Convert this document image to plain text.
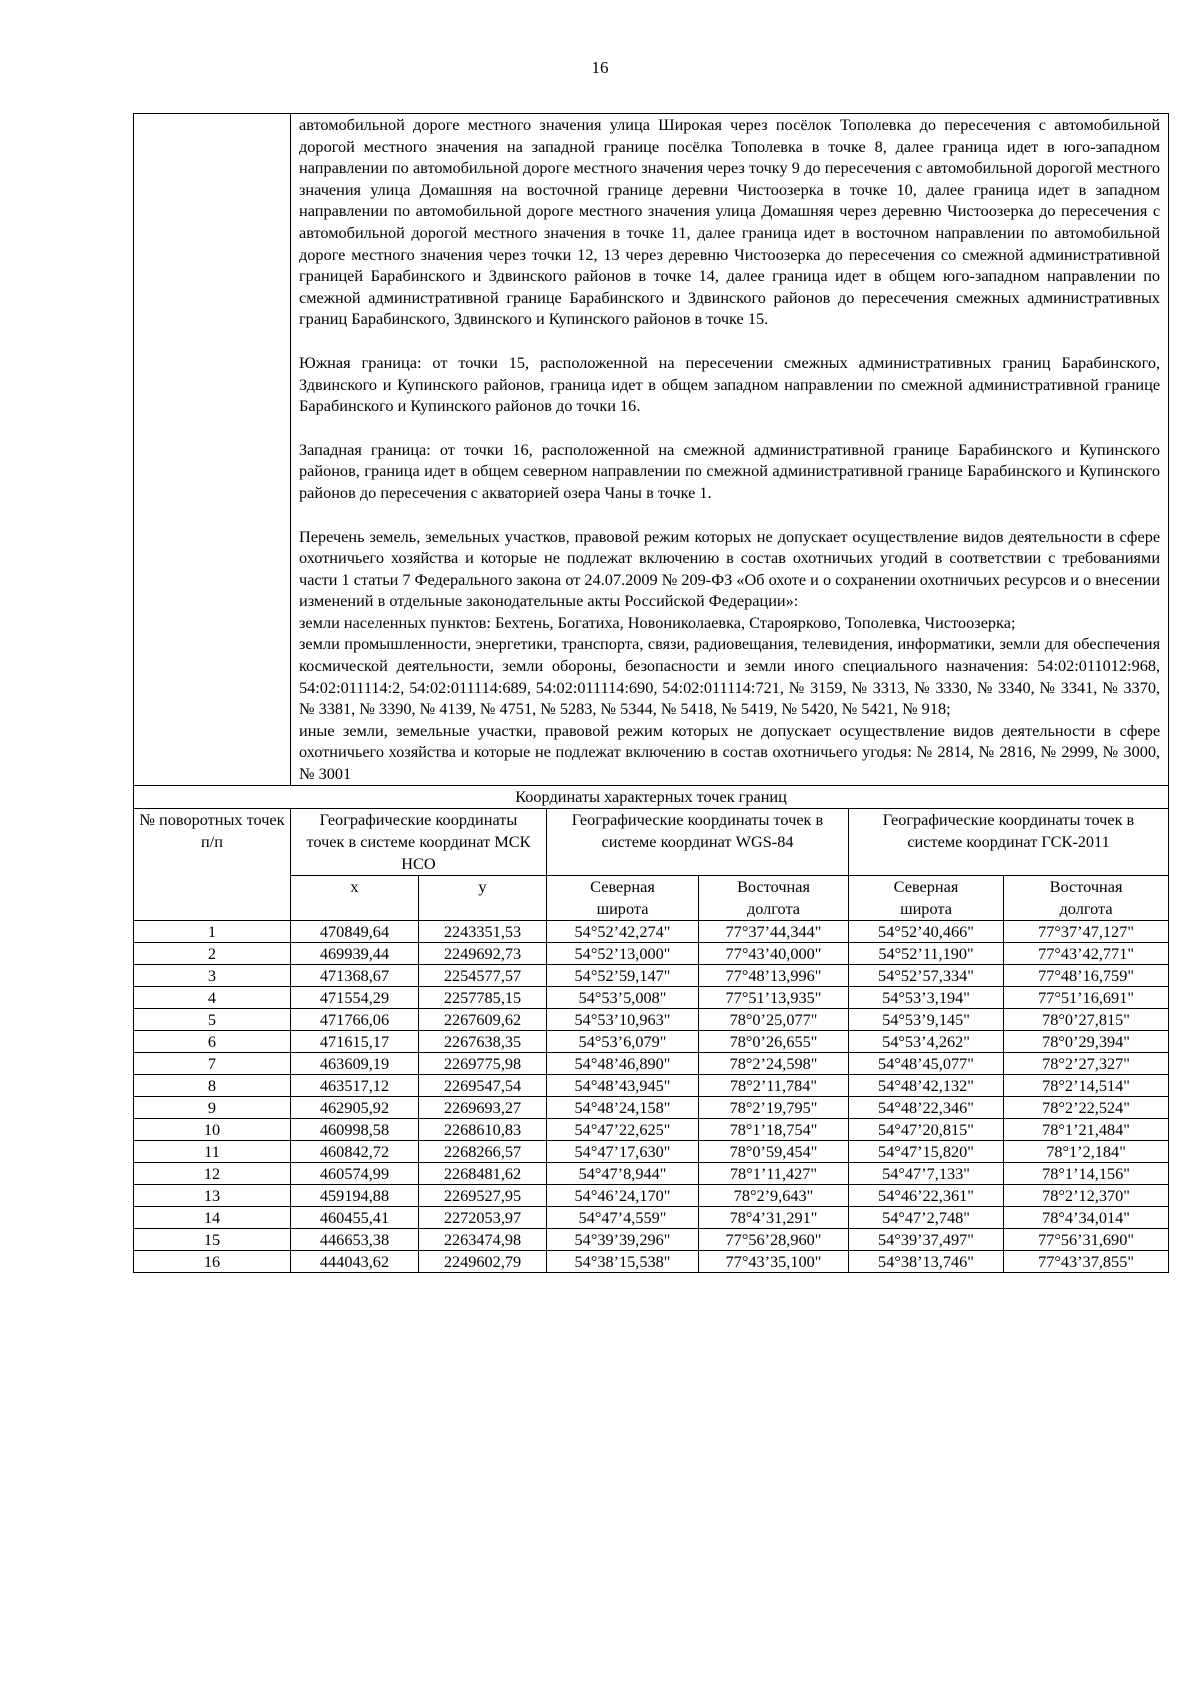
16

автомобильной дороге местного значения улица Широкая через посёлок Тополевка до пересечения с автомобильной дорогой местного значения на западной границе посёлка Тополевка в точке 8, далее граница идет в юго-западном направлении по автомобильной дороге местного значения через точку 9 до пересечения с автомобильной дорогой местного значения улица Домашняя на восточной границе деревни Чистоозерка в точке 10, далее граница идет в западном направлении по автомобильной дороге местного значения улица Домашняя через деревню Чистоозерка до пересечения с автомобильной дорогой местного значения в точке 11, далее граница идет в восточном направлении по автомобильной дороге местного значения через точки 12, 13 через деревню Чистоозерка до пересечения со смежной административной границей Барабинского и Здвинского районов в точке 14, далее граница идет в общем юго-западном направлении по смежной административной границе Барабинского и Здвинского районов до пересечения смежных административных границ Барабинского, Здвинского и Купинского районов в точке 15.

Южная граница: от точки 15, расположенной на пересечении смежных административных границ Барабинского, Здвинского и Купинского районов, граница идет в общем западном направлении по смежной административной границе Барабинского и Купинского районов до точки 16.

Западная граница: от точки 16, расположенной на смежной административной границе Барабинского и Купинского районов, граница идет в общем северном направлении по смежной административной границе Барабинского и Купинского районов до пересечения с акваторией озера Чаны в точке 1.

Перечень земель, земельных участков, правовой режим которых не допускает осуществление видов деятельности в сфере охотничьего хозяйства и которые не подлежат включению в состав охотничьих угодий в соответствии с требованиями части 1 статьи 7 Федерального закона от 24.07.2009 № 209-ФЗ «Об охоте и о сохранении охотничьих ресурсов и о внесении изменений в отдельные законодательные акты Российской Федерации»:

земли населенных пунктов: Бехтень, Богатиха, Новониколаевка, Стар​оярково, Тополевка, Чистоозерка;

земли промышленности, энергетики, транспорта, связи, радиовещания, телевидения, информатики, земли для обеспечения космической деятельности, земли обороны, безопасности и земли иного специального назначения: 54:02:011012:968, 54:02:011114:2, 54:02:011114:689, 54:02:011114:690, 54:02:011114:721, № 3159, № 3313, № 3330, № 3340, № 3341, № 3370, № 3381, № 3390, № 4139, № 4751, № 5283, № 5344, № 5418, № 5419, № 5420, № 5421, № 918;

иные земли, земельные участки, правовой режим которых не допускает осуществление видов деятельности в сфере охотничьего хозяйства и которые не подлежат включению в состав охотничьего угодья: № 2814, № 2816, № 2999, № 3000, № 3001

Координаты характерных точек границ						
№ поворотных точек п/п	Географические координаты точек в системе координат МСК НСО		Географические координаты точек в системе координат WGS-84		Географические координаты точек в системе координат ГСК-2011	
	x	y	Северная широта	Восточная долгота	Северная широта	Восточная долгота
1	470849,64	2243351,53	54°52’42,274"	77°37’44,344"	54°52’40,466"	77°37’47,127"
2	469939,44	2249692,73	54°52’13,000"	77°43’40,000"	54°52’11,190"	77°43’42,771"
3	471368,67	2254577,57	54°52’59,147"	77°48’13,996"	54°52’57,334"	77°48’16,759"
4	471554,29	2257785,15	54°53’5,008"	77°51’13,935"	54°53’3,194"	77°51’16,691"
5	471766,06	2267609,62	54°53’10,963"	78°0’25,077"	54°53’9,145"	78°0’27,815"
6	471615,17	2267638,35	54°53’6,079"	78°0’26,655"	54°53’4,262"	78°0’29,394"
7	463609,19	2269775,98	54°48’46,890"	78°2’24,598"	54°48’45,077"	78°2’27,327"
8	463517,12	2269547,54	54°48’43,945"	78°2’11,784"	54°48’42,132"	78°2’14,514"
9	462905,92	2269693,27	54°48’24,158"	78°2’19,795"	54°48’22,346"	78°2’22,524"
10	460998,58	2268610,83	54°47’22,625"	78°1’18,754"	54°47’20,815"	78°1’21,484"
11	460842,72	2268266,57	54°47’17,630"	78°0’59,454"	54°47’15,820"	78°1’2,184"
12	460574,99	2268481,62	54°47’8,944"	78°1’11,427"	54°47’7,133"	78°1’14,156"
13	459194,88	2269527,95	54°46’24,170"	78°2’9,643"	54°46’22,361"	78°2’12,370"
14	460455,41	2272053,97	54°47’4,559"	78°4’31,291"	54°47’2,748"	78°4’34,014"
15	446653,38	2263474,98	54°39’39,296"	77°56’28,960"	54°39’37,497"	77°56’31,690"
16	444043,62	2249602,79	54°38’15,538"	77°43’35,100"	54°38’13,746"	77°43’37,855"
